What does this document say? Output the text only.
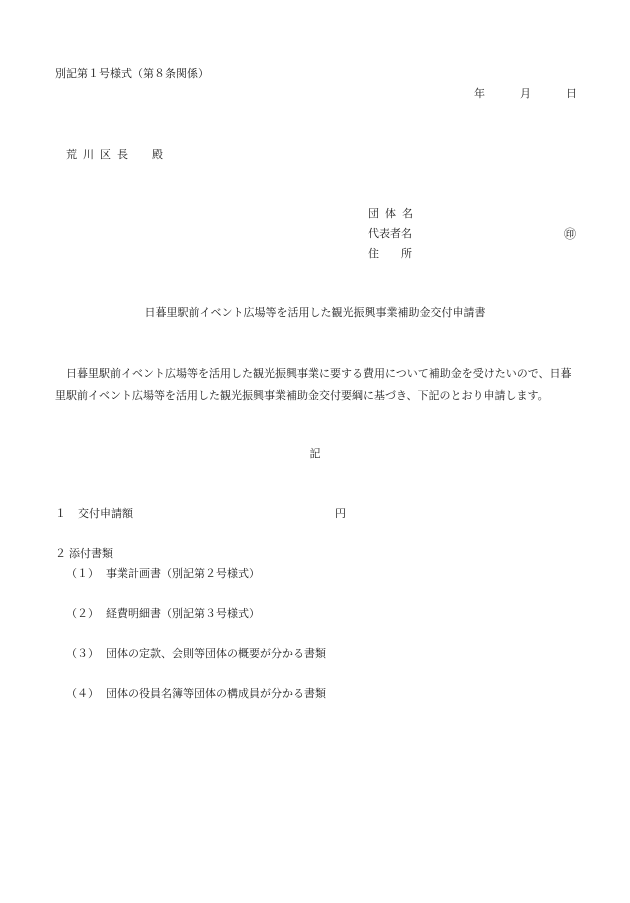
別記第１号様式（第８条関係）
年	月	日
荒川区長 殿
団体名
代表者名	㊞
住所
日暮里駅前イベント広場等を活用した観光振興事業補助金交付申請書
　日暮里駅前イベント広場等を活用した観光振興事業に要する費用について補助金を受けたいので、日暮
里駅前イベント広場等を活用した観光振興事業補助金交付要綱に基づき、下記のとおり申請します。
記
１ 交付申請額	円
２ 添付書類
（１） 事業計画書（別記第２号様式）
（２） 経費明細書（別記第３号様式）
（３） 団体の定款、会則等団体の概要が分かる書類
（４） 団体の役員名簿等団体の構成員が分かる書類
